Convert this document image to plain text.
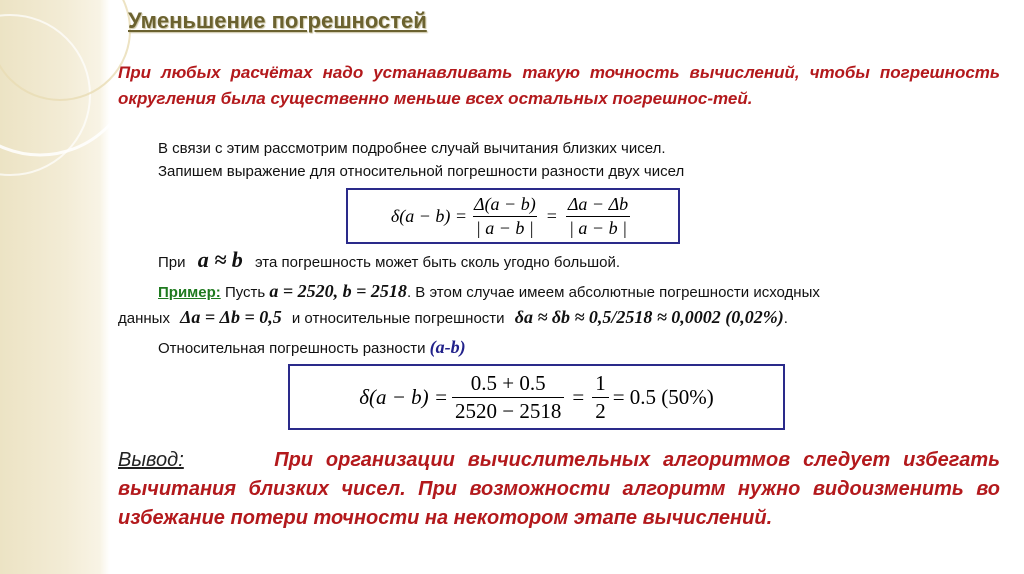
Уменьшение погрешностей

При любых расчётах надо устанавливать такую точность вычислений, чтобы погрешность округления была существенно меньше всех остальных погрешнос-тей.

В связи с этим рассмотрим подробнее случай вычитания близких чисел.

Запишем выражение для относительной погрешности разности двух чисел

$\delta(a - b) = \frac{\Delta(a - b)}{| a - b |} = \frac{\Delta a - \Delta b}{| a - b |}$

При a ≈ b эта погрешность может быть сколь угодно большой.

Пример: Пусть a = 2520, b = 2518. В этом случае имеем абсолютные погрешности исходных

данных Δa = Δb = 0,5 и относительные погрешности δa ≈ δb ≈ 0,5/2518 ≈ 0,0002 (0,02%).

Относительная погрешность разности (a-b)

$\delta(a - b) = \frac{0.5 + 0.5}{2520 - 2518} = \frac{1}{2} = 0.5$ (50%)

Вывод:	При организации вычислительных алгоритмов следует избегать вычитания близких чисел. При возможности алгоритм нужно видоизменить во избежание потери точности на некотором этапе вычислений.
